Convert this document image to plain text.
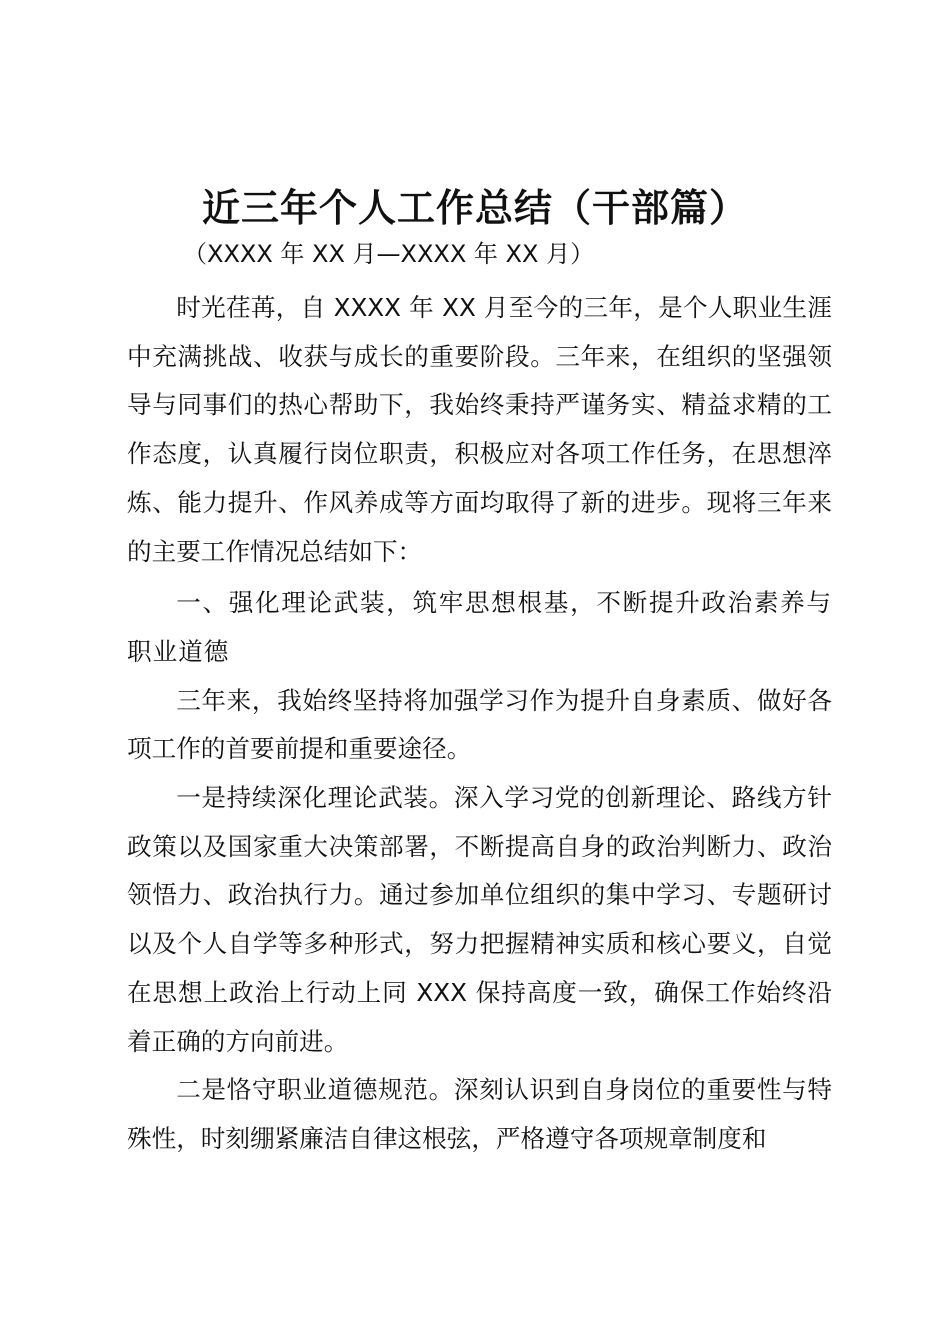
近三年个人工作总结（干部篇）
（XXXX 年 XX 月—XXXX 年 XX 月）

时光荏苒，自 XXXX 年 XX 月至今的三年，是个人职业生涯中充满挑战、收获与成长的重要阶段。三年来，在组织的坚强领导与同事们的热心帮助下，我始终秉持严谨务实、精益求精的工作态度，认真履行岗位职责，积极应对各项工作任务，在思想淬炼、能力提升、作风养成等方面均取得了新的进步。现将三年来的主要工作情况总结如下：

一、强化理论武装，筑牢思想根基，不断提升政治素养与职业道德

三年来，我始终坚持将加强学习作为提升自身素质、做好各项工作的首要前提和重要途径。

一是持续深化理论武装。深入学习党的创新理论、路线方针政策以及国家重大决策部署，不断提高自身的政治判断力、政治领悟力、政治执行力。通过参加单位组织的集中学习、专题研讨以及个人自学等多种形式，努力把握精神实质和核心要义，自觉在思想上政治上行动上同 XXX 保持高度一致，确保工作始终沿着正确的方向前进。

二是恪守职业道德规范。深刻认识到自身岗位的重要性与特殊性，时刻绷紧廉洁自律这根弦，严格遵守各项规章制度和
